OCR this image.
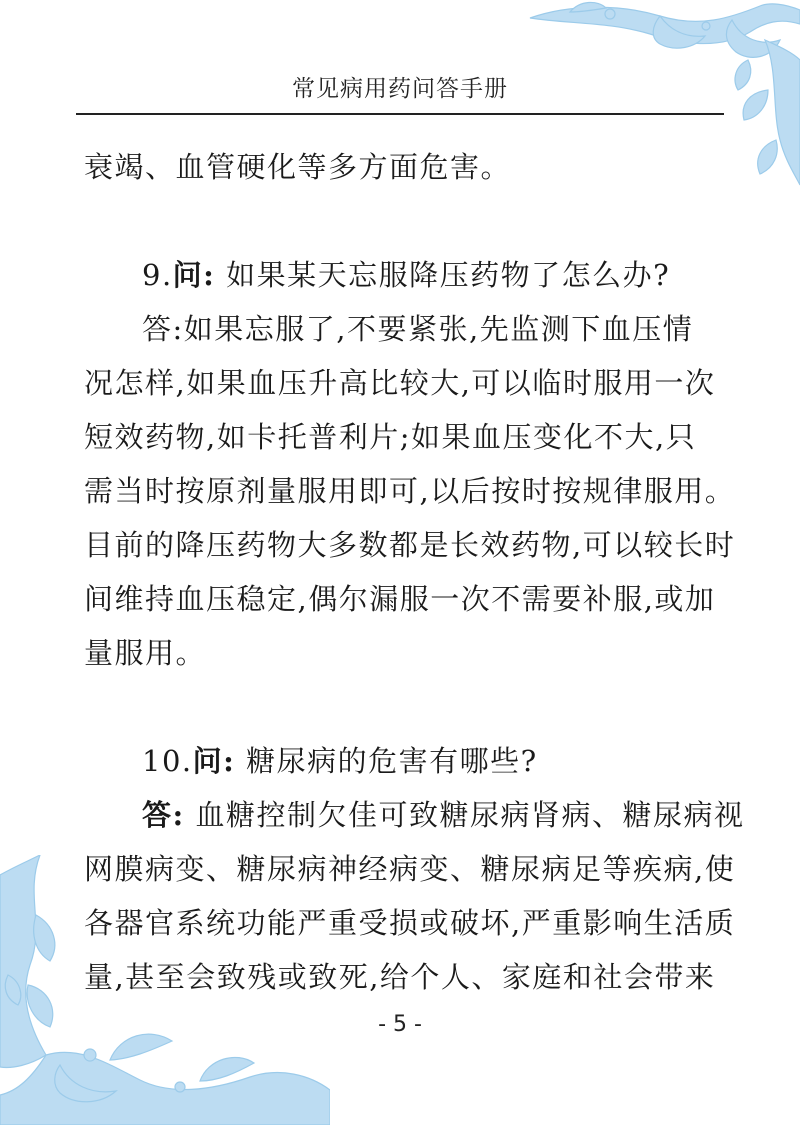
常见病用药问答手册
衰竭、血管硬化等多方面危害。
9.问: 如果某天忘服降压药物了怎么办?
答:如果忘服了,不要紧张,先监测下血压情
况怎样,如果血压升高比较大,可以临时服用一次
短效药物,如卡托普利片;如果血压变化不大,只
需当时按原剂量服用即可,以后按时按规律服用。
目前的降压药物大多数都是长效药物,可以较长时
间维持血压稳定,偶尔漏服一次不需要补服,或加
量服用。
10.问: 糖尿病的危害有哪些?
答: 血糖控制欠佳可致糖尿病肾病、糖尿病视
网膜病变、糖尿病神经病变、糖尿病足等疾病,使
各器官系统功能严重受损或破坏,严重影响生活质
量,甚至会致残或致死,给个人、家庭和社会带来
- 5 -
